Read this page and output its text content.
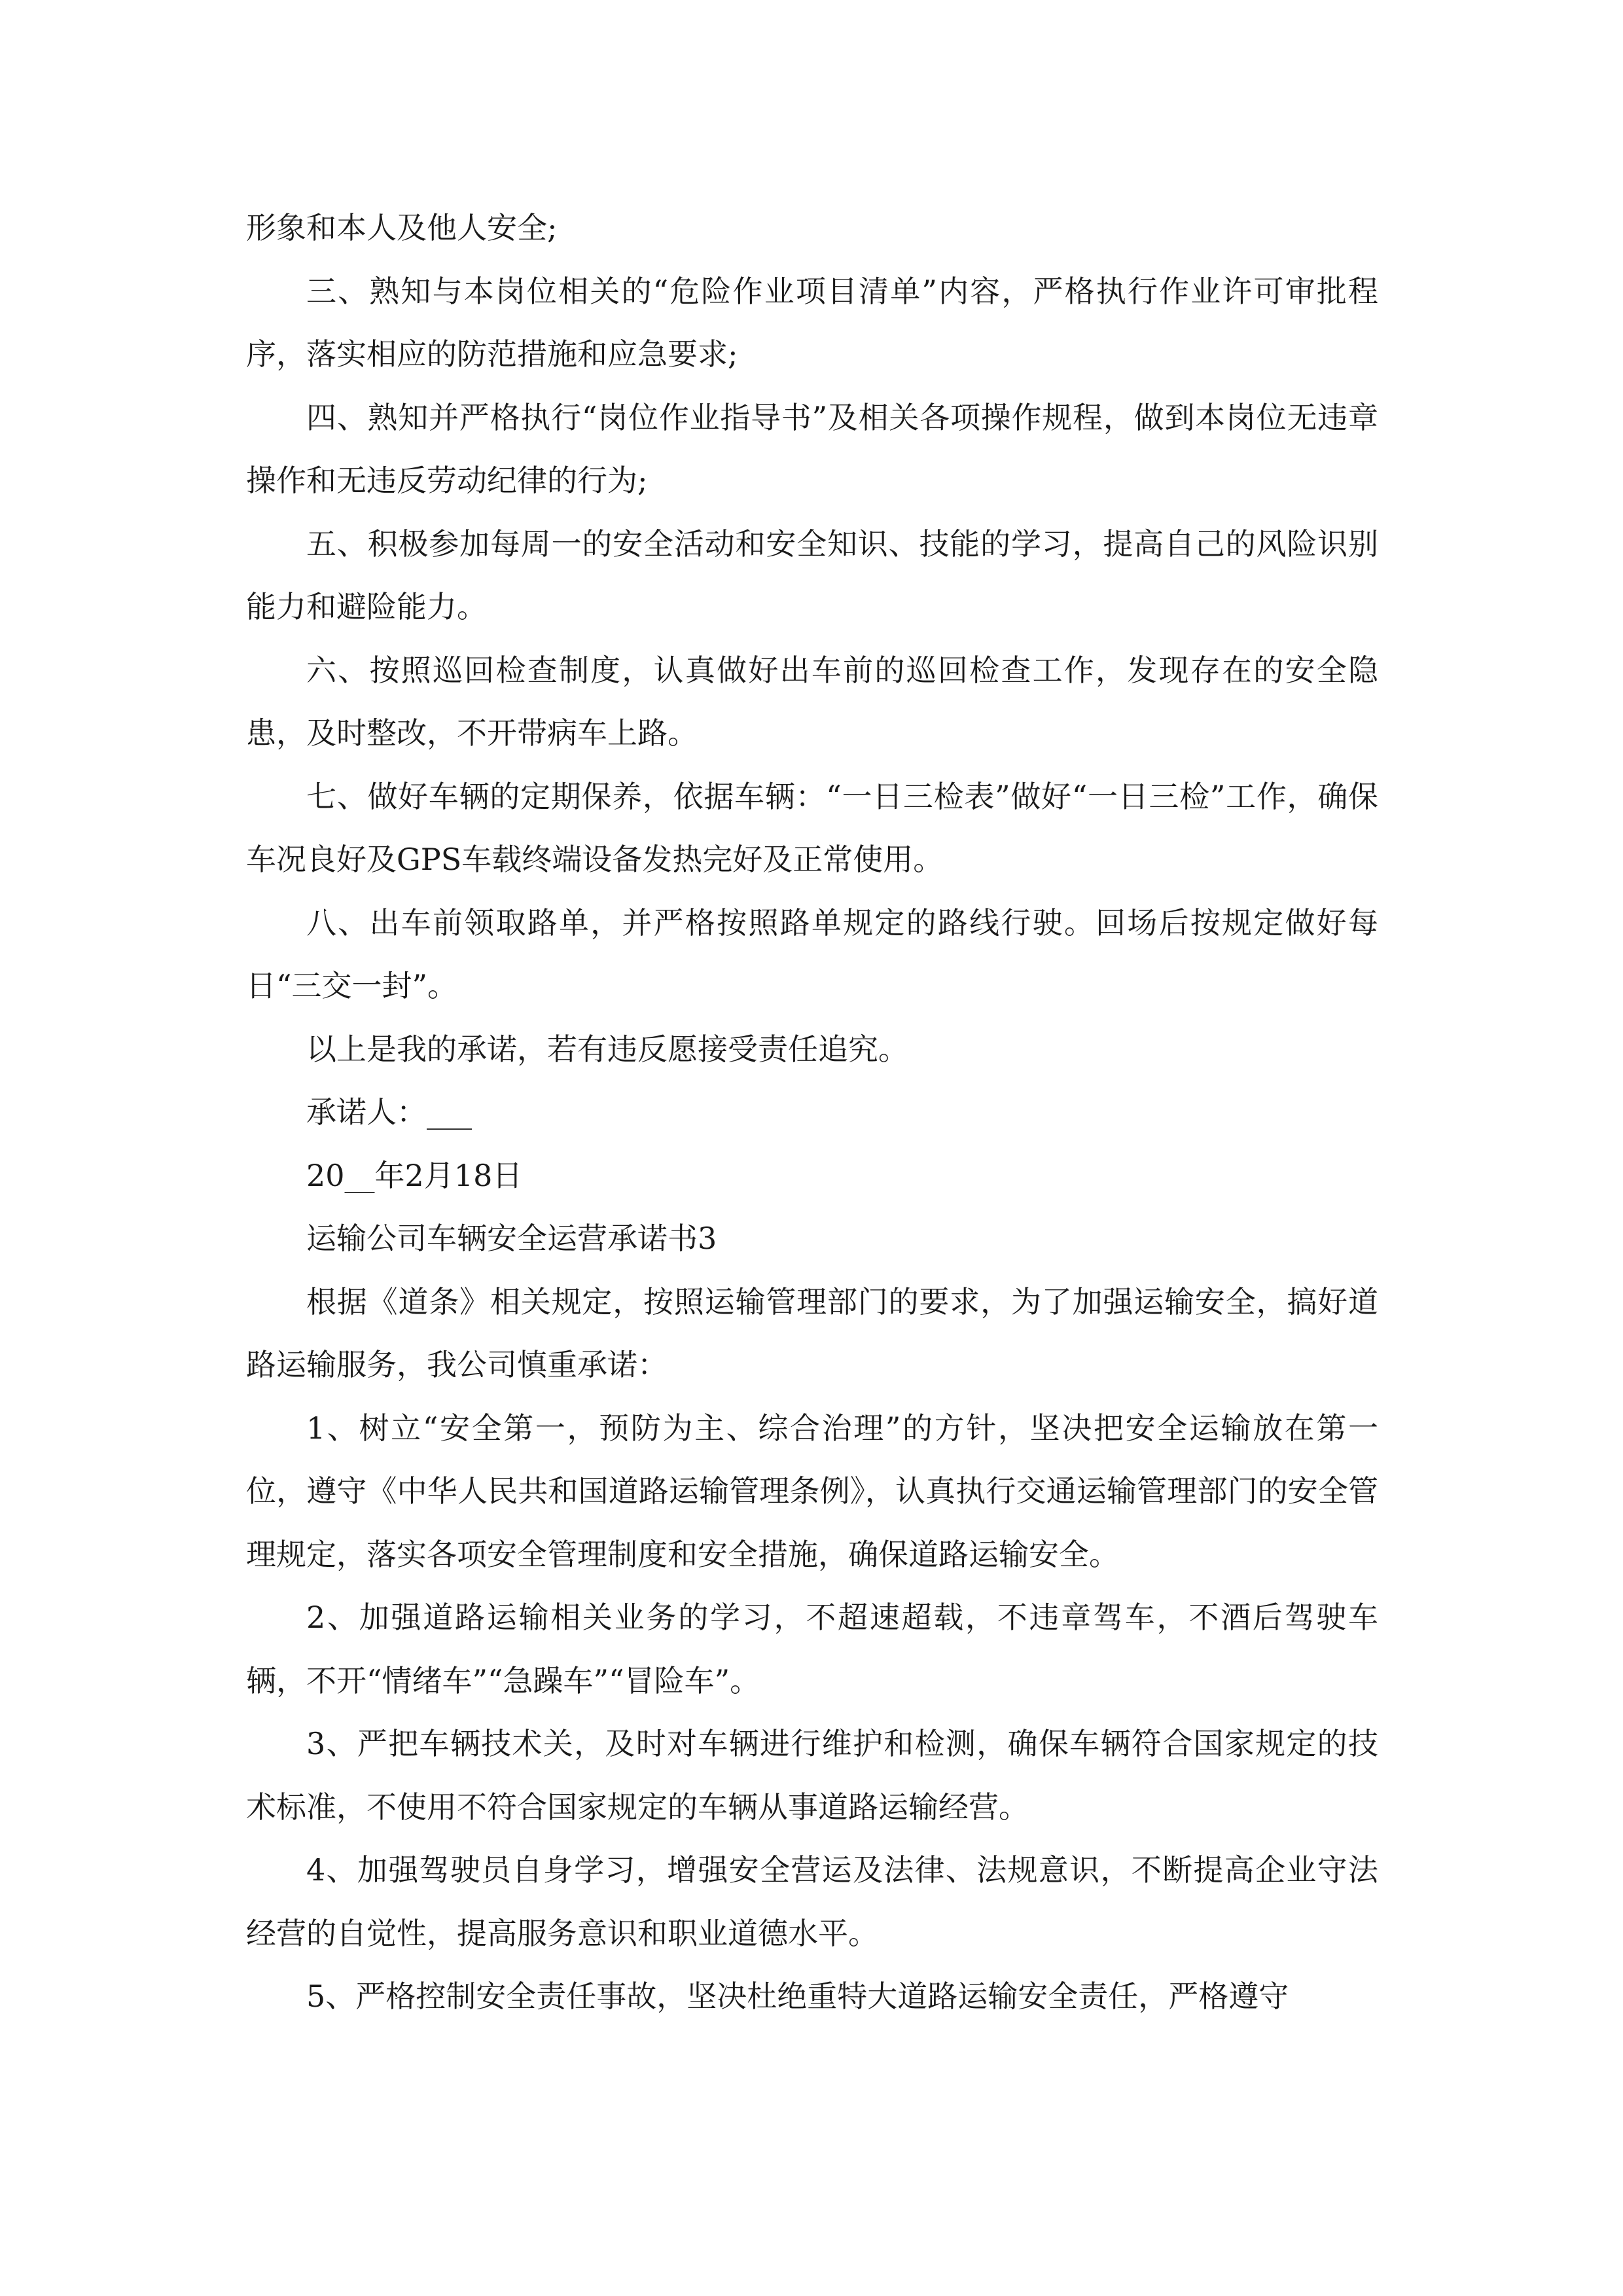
形象和本人及他人安全;

三、熟知与本岗位相关的“危险作业项目清单”内容，严格执行作业许可审批程序，落实相应的防范措施和应急要求;

四、熟知并严格执行“岗位作业指导书”及相关各项操作规程，做到本岗位无违章操作和无违反劳动纪律的行为;

五、积极参加每周一的安全活动和安全知识、技能的学习，提高自己的风险识别能力和避险能力。

六、按照巡回检查制度，认真做好出车前的巡回检查工作，发现存在的安全隐患，及时整改，不开带病车上路。

七、做好车辆的定期保养，依据车辆：“一日三检表”做好“一日三检”工作，确保车况良好及GPS车载终端设备发热完好及正常使用。

八、出车前领取路单，并严格按照路单规定的路线行驶。回场后按规定做好每日“三交一封”。

以上是我的承诺，若有违反愿接受责任追究。

承诺人：___

20__年2月18日

运输公司车辆安全运营承诺书3

根据《道条》相关规定，按照运输管理部门的要求，为了加强运输安全，搞好道路运输服务，我公司慎重承诺：

1、树立“安全第一，预防为主、综合治理”的方针，坚决把安全运输放在第一位，遵守《中华人民共和国道路运输管理条例》，认真执行交通运输管理部门的安全管理规定，落实各项安全管理制度和安全措施，确保道路运输安全。

2、加强道路运输相关业务的学习，不超速超载，不违章驾车，不酒后驾驶车辆，不开“情绪车”“急躁车”“冒险车”。

3、严把车辆技术关，及时对车辆进行维护和检测，确保车辆符合国家规定的技术标准，不使用不符合国家规定的车辆从事道路运输经营。

4、加强驾驶员自身学习，增强安全营运及法律、法规意识，不断提高企业守法经营的自觉性，提高服务意识和职业道德水平。

5、严格控制安全责任事故，坚决杜绝重特大道路运输安全责任，严格遵守
